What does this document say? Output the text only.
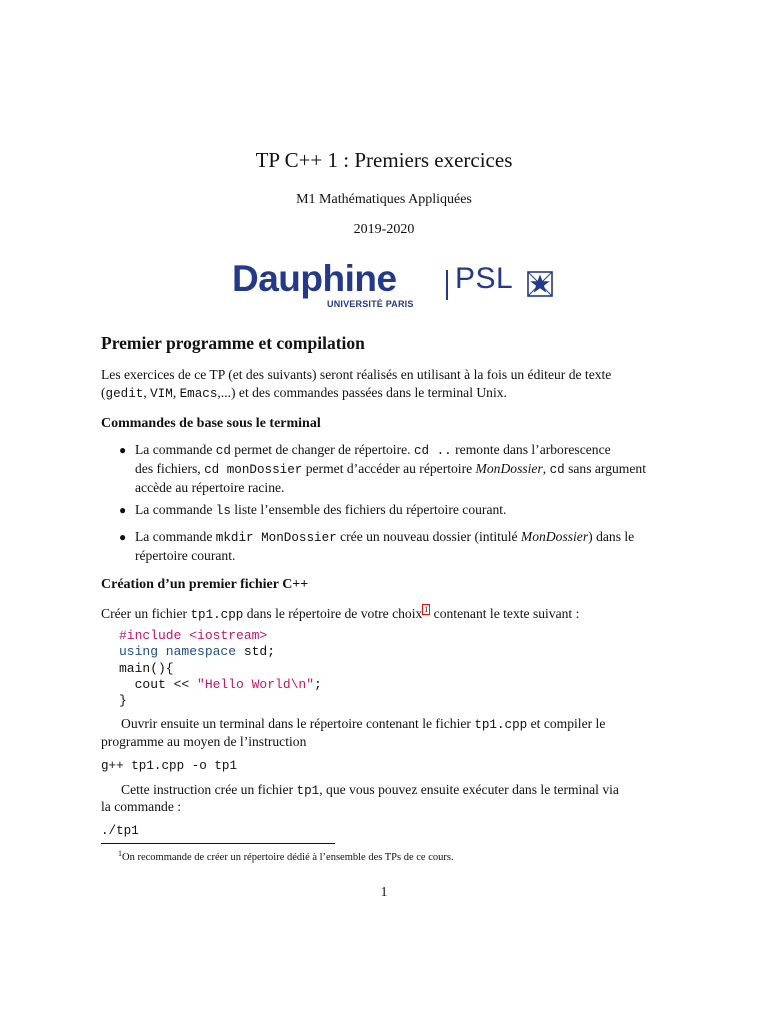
TP C++ 1 : Premiers exercices
M1 Mathématiques Appliquées
2019-2020
Dauphine
UNIVERSITÉ PARIS
PSL
Premier programme et compilation
Les exercices de ce TP (et des suivants) seront réalisés en utilisant à la fois un éditeur de texte
(gedit, VIM, Emacs,...) et des commandes passées dans le terminal Unix.
Commandes de base sous le terminal
● La commande cd permet de changer de répertoire. cd .. remonte dans l’arborescence
des fichiers, cd monDossier permet d’accéder au répertoire MonDossier, cd sans argument
accède au répertoire racine.
● La commande ls liste l’ensemble des fichiers du répertoire courant.
● La commande mkdir MonDossier crée un nouveau dossier (intitulé MonDossier) dans le
répertoire courant.
Création d’un premier fichier C++
Créer un fichier tp1.cpp dans le répertoire de votre choix 1 contenant le texte suivant :
#include <iostream>
using namespace std;
main(){
cout << "Hello World\n";
}
Ouvrir ensuite un terminal dans le répertoire contenant le fichier tp1.cpp et compiler le
programme au moyen de l’instruction
g++ tp1.cpp -o tp1
Cette instruction crée un fichier tp1, que vous pouvez ensuite exécuter dans le terminal via
la commande :
./tp1
$^1$On recommande de créer un répertoire dédié à l’ensemble des TPs de ce cours.
1
